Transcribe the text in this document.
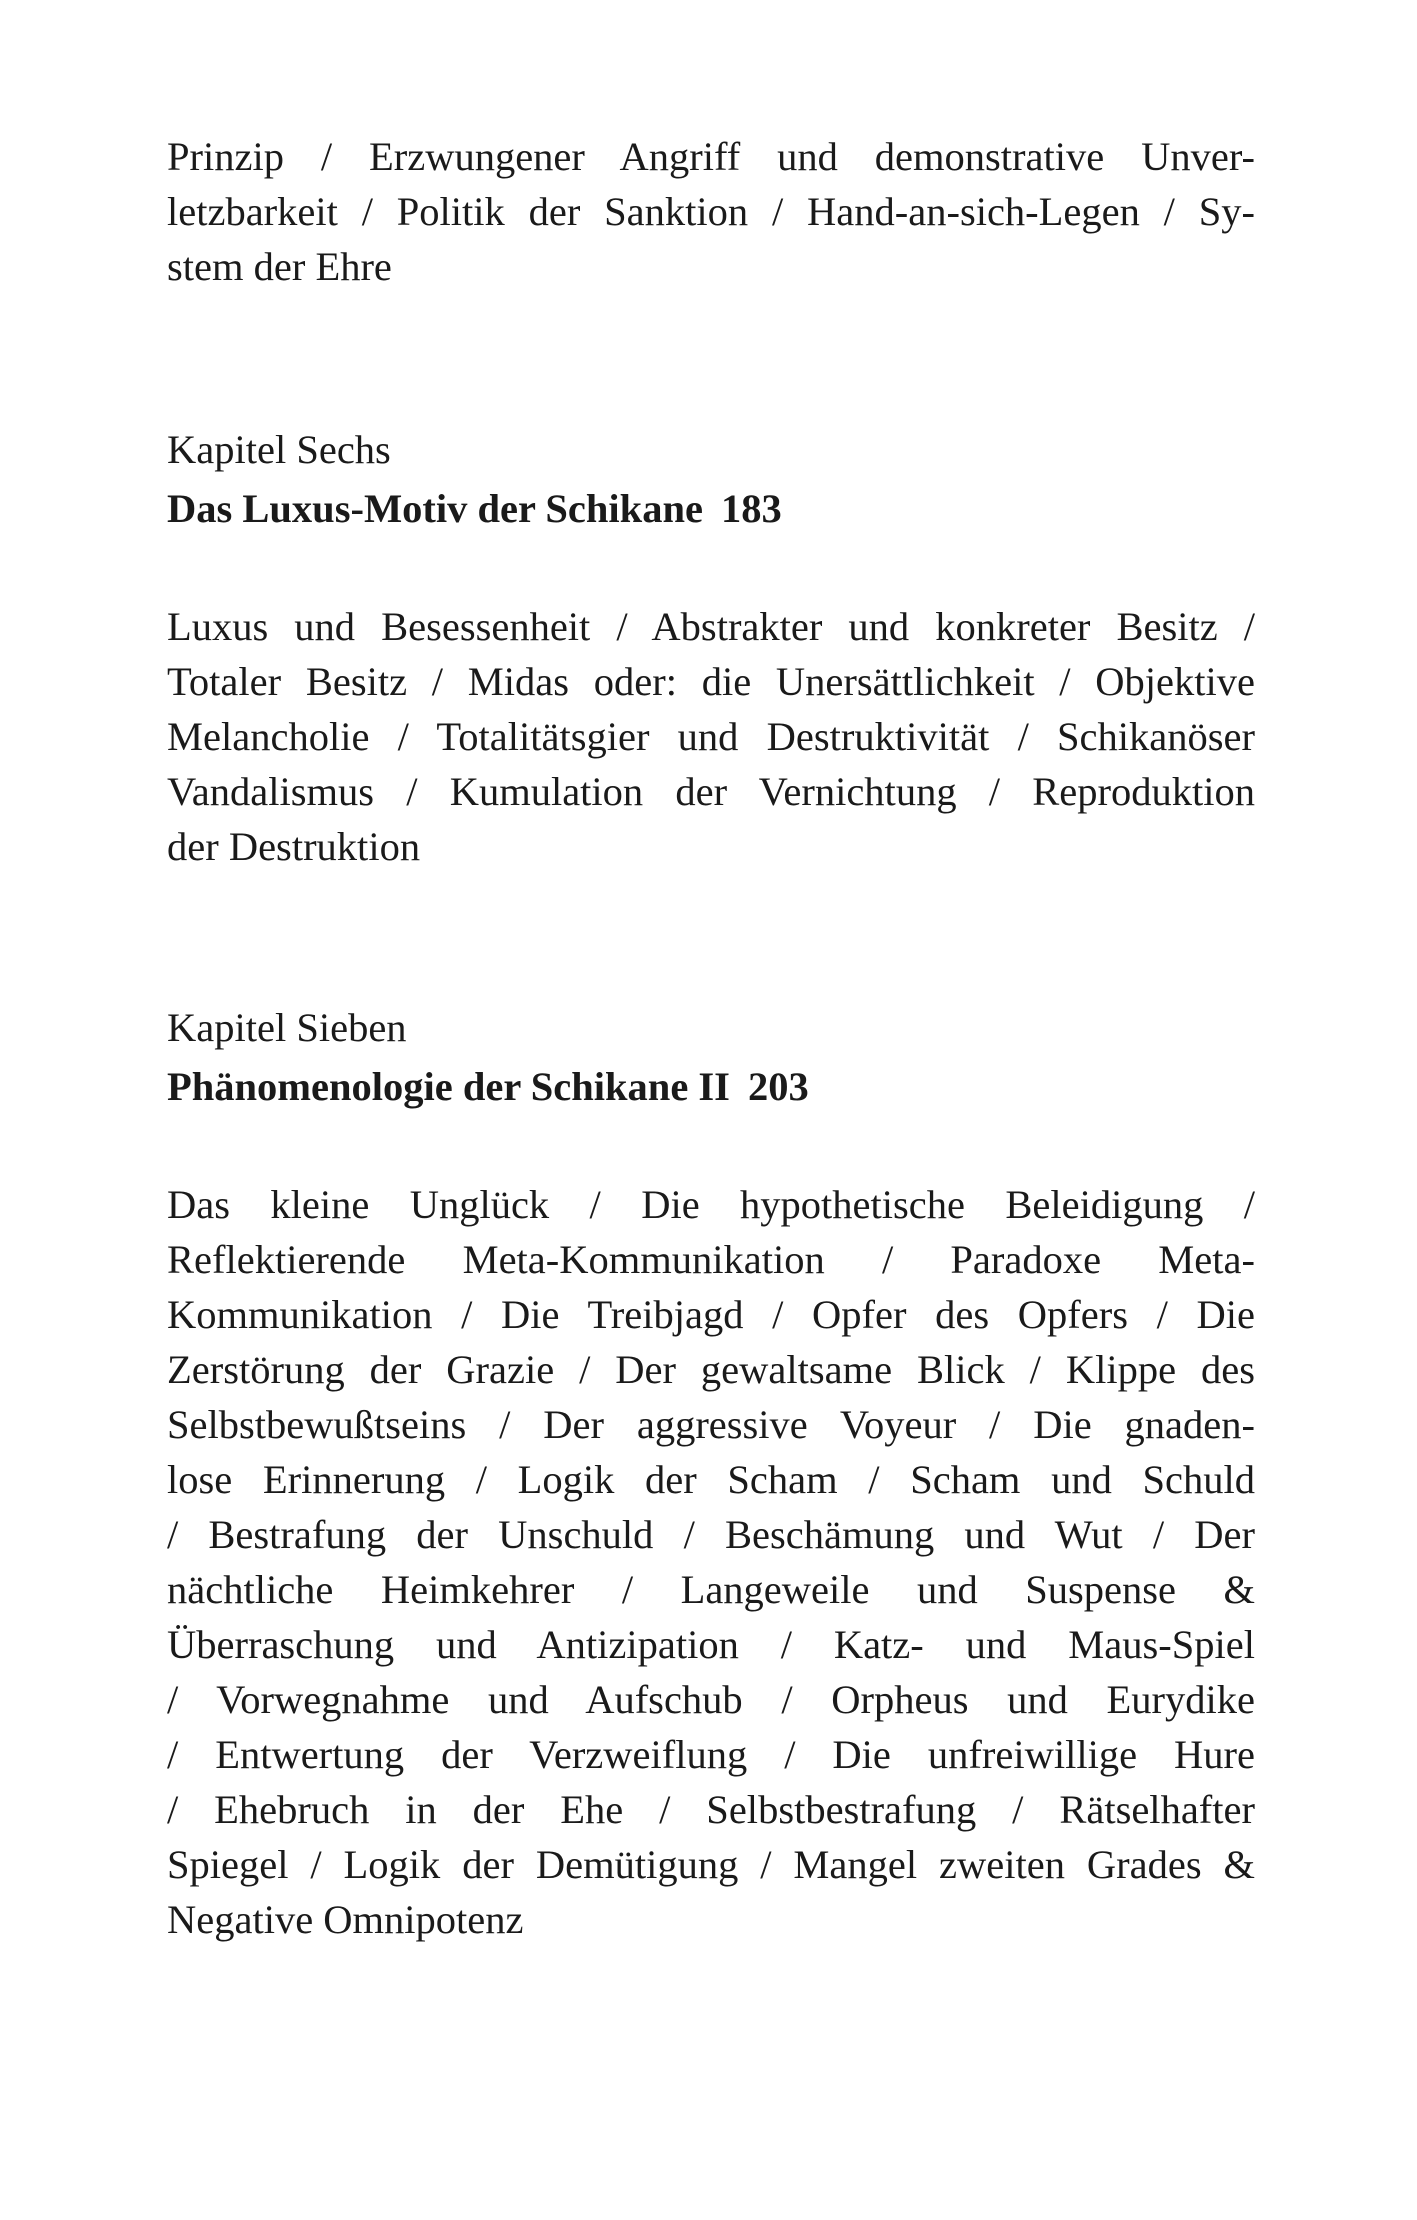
Prinzip / Erzwungener Angriff und demonstrative Unver-
letzbarkeit / Politik der Sanktion / Hand-an-sich-Legen / Sy-
stem der Ehre
Kapitel Sechs
Das Luxus-Motiv der Schikane 183
Luxus und Besessenheit / Abstrakter und konkreter Besitz /
Totaler Besitz / Midas oder: die Unersättlichkeit / Objektive
Melancholie / Totalitätsgier und Destruktivität / Schikanöser
Vandalismus / Kumulation der Vernichtung / Reproduktion
der Destruktion
Kapitel Sieben
Phänomenologie der Schikane II 203
Das kleine Unglück / Die hypothetische Beleidigung /
Reflektierende Meta-Kommunikation / Paradoxe Meta-
Kommunikation / Die Treibjagd / Opfer des Opfers / Die
Zerstörung der Grazie / Der gewaltsame Blick / Klippe des
Selbstbewußtseins / Der aggressive Voyeur / Die gnaden-
lose Erinnerung / Logik der Scham / Scham und Schuld
/ Bestrafung der Unschuld / Beschämung und Wut / Der
nächtliche Heimkehrer / Langeweile und Suspense &
Überraschung und Antizipation / Katz- und Maus-Spiel
/ Vorwegnahme und Aufschub / Orpheus und Eurydike
/ Entwertung der Verzweiflung / Die unfreiwillige Hure
/ Ehebruch in der Ehe / Selbstbestrafung / Rätselhafter
Spiegel / Logik der Demütigung / Mangel zweiten Grades &
Negative Omnipotenz
